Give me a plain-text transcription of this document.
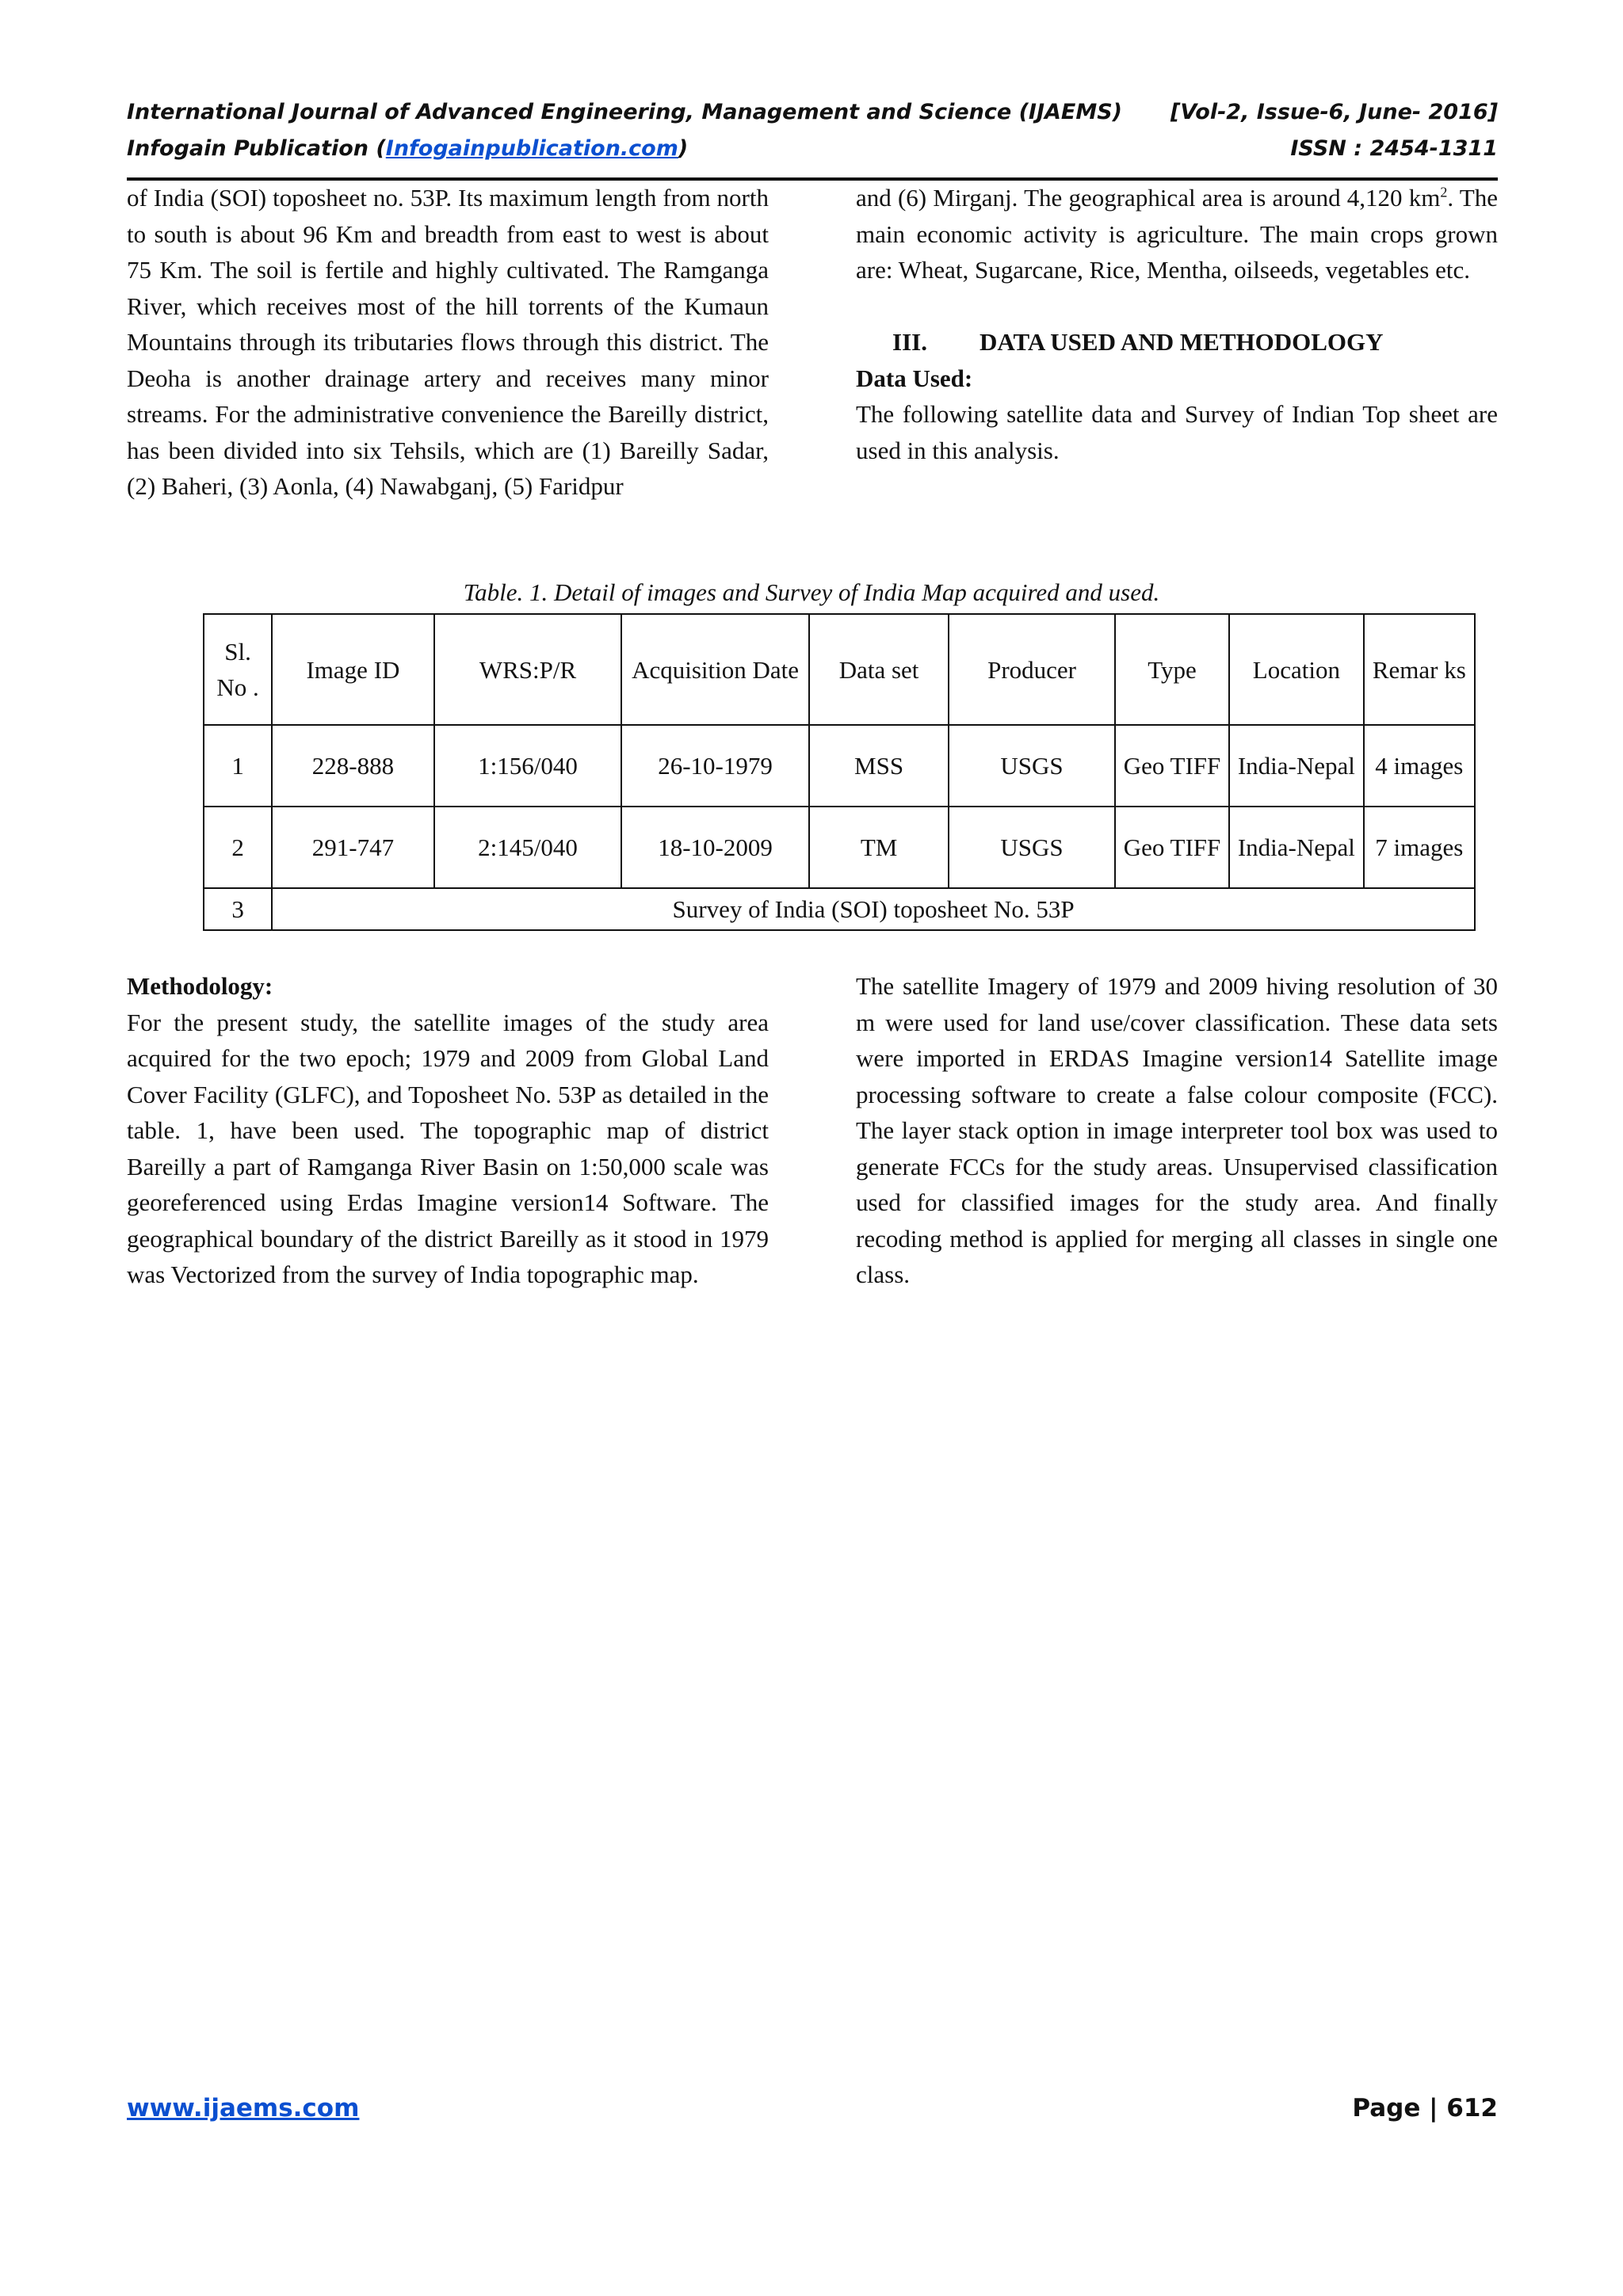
International Journal of Advanced Engineering, Management and Science (IJAEMS) [Vol-2, Issue-6, June- 2016]
Infogain Publication (Infogainpublication.com)	ISSN : 2454-1311

of India (SOI) toposheet no. 53P. Its maximum length from north to south is about 96 Km and breadth from east to west is about 75 Km. The soil is fertile and highly cultivated. The Ramganga River, which receives most of the hill torrents of the Kumaun Mountains through its tributaries flows through this district. The Deoha is another drainage artery and receives many minor streams. For the administrative convenience the Bareilly district, has been divided into six Tehsils, which are (1) Bareilly Sadar, (2) Baheri, (3) Aonla, (4) Nawabganj, (5) Faridpur

and (6) Mirganj. The geographical area is around 4,120 $km^2$. The main economic activity is agriculture. The main crops grown are: Wheat, Sugarcane, Rice, Mentha, oilseeds, vegetables etc.

III. DATA USED AND METHODOLOGY

Data Used:

The following satellite data and Survey of Indian Top sheet are used in this analysis.

Table. 1. Detail of images and Survey of India Map acquired and used.
Sl. No .	Image ID	WRS:P/R	Acquisition Date	Data set	Producer	Type	Location	Remar ks
1	228-888	1:156/040	26-10-1979	MSS	USGS	Geo TIFF	India-Nepal	4 images
2	291-747	2:145/040	18-10-2009	TM	USGS	Geo TIFF	India-Nepal	7 images
3	Survey of India (SOI) toposheet No. 53P							

Methodology:

For the present study, the satellite images of the study area acquired for the two epoch; 1979 and 2009 from Global Land Cover Facility (GLFC), and Toposheet No. 53P as detailed in the table. 1, have been used. The topographic map of district Bareilly a part of Ramganga River Basin on 1:50,000 scale was georeferenced using Erdas Imagine version14 Software. The geographical boundary of the district Bareilly as it stood in 1979 was Vectorized from the survey of India topographic map.

The satellite Imagery of 1979 and 2009 hiving resolution of 30 m were used for land use/cover classification. These data sets were imported in ERDAS Imagine version14 Satellite image processing software to create a false colour composite (FCC). The layer stack option in image interpreter tool box was used to generate FCCs for the study areas. Unsupervised classification used for classified images for the study area. And finally recoding method is applied for merging all classes in single one class.

www.ijaems.com	Page | 612
